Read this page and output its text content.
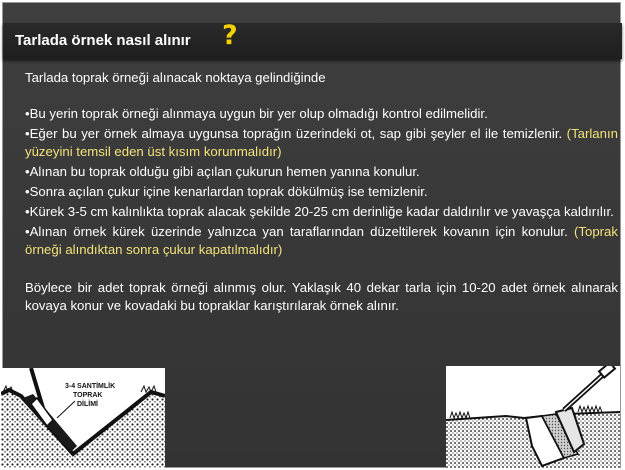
Tarlada örnek nasıl alınır ?

Tarlada toprak örneği alınacak noktaya gelindiğinde

•Bu yerin toprak örneği alınmaya uygun bir yer olup olmadığı kontrol edilmelidir.

•Eğer bu yer örnek almaya uygunsa toprağın üzerindeki ot, sap gibi şeyler el ile temizlenir. (Tarlanın yüzeyini temsil eden üst kısım korunmalıdır)

•Alınan bu toprak olduğu gibi açılan çukurun hemen yanına konulur.

•Sonra açılan çukur içine kenarlardan toprak dökülmüş ise temizlenir.

•Kürek 3-5 cm kalınlıkta toprak alacak şekilde 20-25 cm derinliğe kadar daldırılır ve yavaşça kaldırılır.

•Alınan örnek kürek üzerinde yalnızca yan taraflarından düzeltilerek kovanın için konulur. (Toprak örneği alındıktan sonra çukur kapatılmalıdır)

Böylece bir adet toprak örneği alınmış olur. Yaklaşık 40 dekar tarla için 10-20 adet örnek alınarak kovaya konur ve kovadaki bu topraklar karıştırılarak örnek alınır.

3-4 SANTİMLİK
TOPRAK
DİLİMİ
